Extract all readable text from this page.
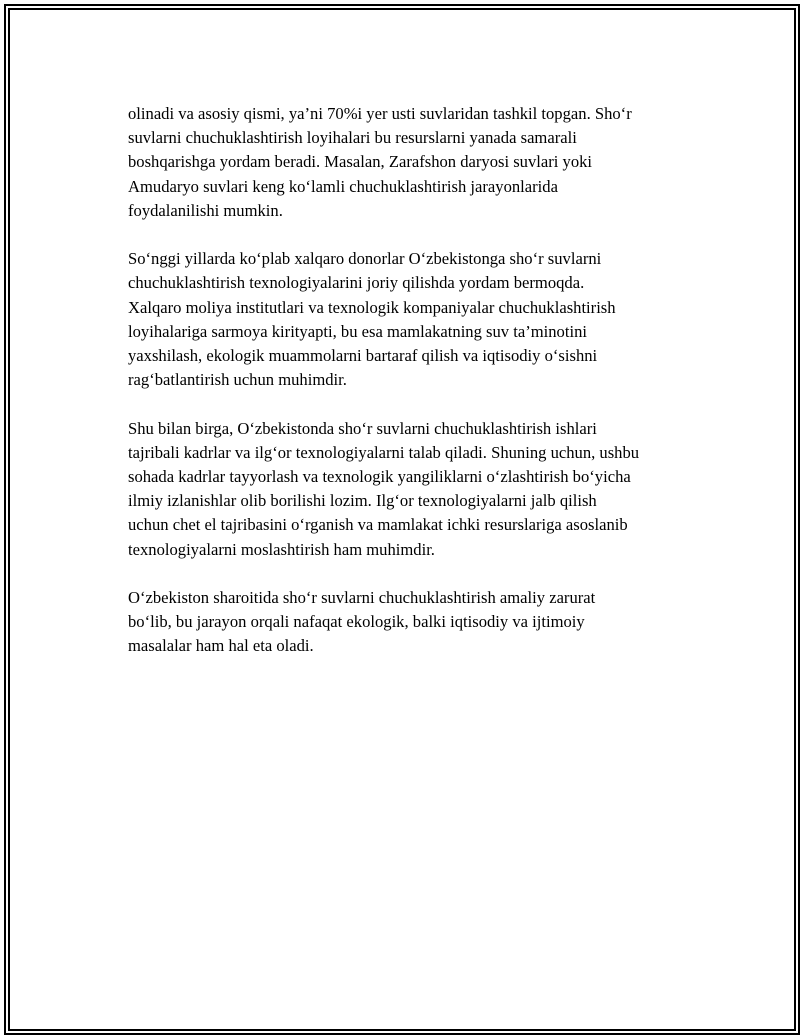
olinadi va asosiy qismi, ya’ni 70%i yer usti suvlaridan tashkil topgan. Sho‘r
suvlarni chuchuklashtirish loyihalari bu resurslarni yanada samarali
boshqarishga yordam beradi. Masalan, Zarafshon daryosi suvlari yoki
Amudaryo suvlari keng ko‘lamli chuchuklashtirish jarayonlarida
foydalanilishi mumkin.

So‘nggi yillarda ko‘plab xalqaro donorlar O‘zbekistonga sho‘r suvlarni
chuchuklashtirish texnologiyalarini joriy qilishda yordam bermoqda.
Xalqaro moliya institutlari va texnologik kompaniyalar chuchuklashtirish
loyihalariga sarmoya kirityapti, bu esa mamlakatning suv ta’minotini
yaxshilash, ekologik muammolarni bartaraf qilish va iqtisodiy o‘sishni
rag‘batlantirish uchun muhimdir.

Shu bilan birga, O‘zbekistonda sho‘r suvlarni chuchuklashtirish ishlari
tajribali kadrlar va ilg‘or texnologiyalarni talab qiladi. Shuning uchun, ushbu
sohada kadrlar tayyorlash va texnologik yangiliklarni o‘zlashtirish bo‘yicha
ilmiy izlanishlar olib borilishi lozim. Ilg‘or texnologiyalarni jalb qilish
uchun chet el tajribasini o‘rganish va mamlakat ichki resurslariga asoslanib
texnologiyalarni moslashtirish ham muhimdir.

O‘zbekiston sharoitida sho‘r suvlarni chuchuklashtirish amaliy zarurat
bo‘lib, bu jarayon orqali nafaqat ekologik, balki iqtisodiy va ijtimoiy
masalalar ham hal eta oladi.
